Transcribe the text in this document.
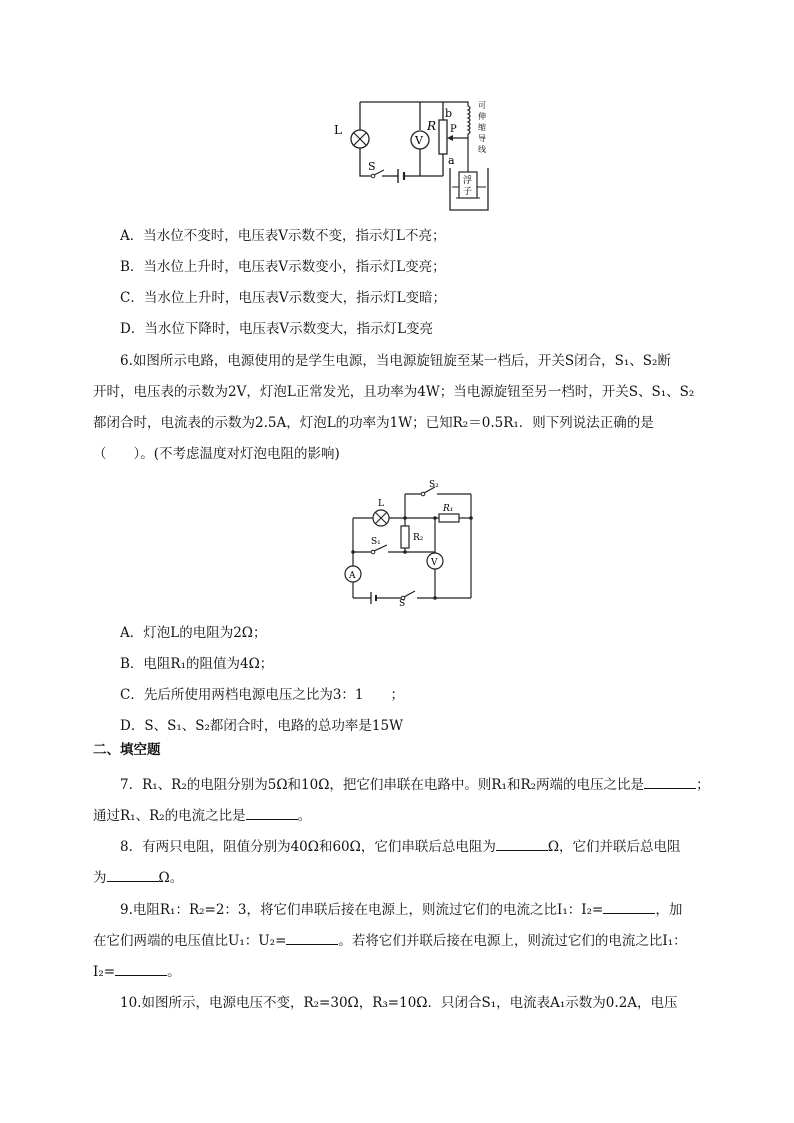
L
S
V
R
b
P
a
可
伸
缩
导
线
浮
子
A．当水位不变时，电压表V示数不变，指示灯L不亮；
B．当水位上升时，电压表V示数变小，指示灯L变亮；
C．当水位上升时，电压表V示数变大，指示灯L变暗；
D．当水位下降时，电压表V示数变大，指示灯L变亮
6.如图所示电路，电源使用的是学生电源，当电源旋钮旋至某一档后，开关S闭合，S₁、S₂断
开时，电压表的示数为2V，灯泡L正常发光，且功率为4W；当电源旋钮至另一档时，开关S、S₁、S₂
都闭合时，电流表的示数为2.5A，灯泡L的功率为1W；已知R₂＝0.5R₁．则下列说法正确的是
（　　）。(不考虑温度对灯泡电阻的影响)
S₂
L	R₁
A
S₁	R₂
V
S
A．灯泡L的电阻为2Ω；
B．电阻R₁的阻值为4Ω；
C．先后所使用两档电源电压之比为3：1　　；
D．S、S₁、S₂都闭合时，电路的总功率是15W
二、填空题
7．R₁、R₂的电阻分别为5Ω和10Ω，把它们串联在电路中。则R₁和R₂两端的电压之比是	；
通过R₁、R₂的电流之比是	。
8．有两只电阻，阻值分别为40Ω和60Ω，它们串联后总电阻为	Ω，它们并联后总电阻
为	Ω。
9.电阻R₁：R₂=2：3，将它们串联后接在电源上，则流过它们的电流之比I₁：I₂=	，加
在它们两端的电压值比U₁：U₂=	。若将它们并联后接在电源上，则流过它们的电流之比I₁：
I₂=	。
10.如图所示，电源电压不变，R₂=30Ω，R₃=10Ω．只闭合S₁，电流表A₁示数为0.2A，电压
